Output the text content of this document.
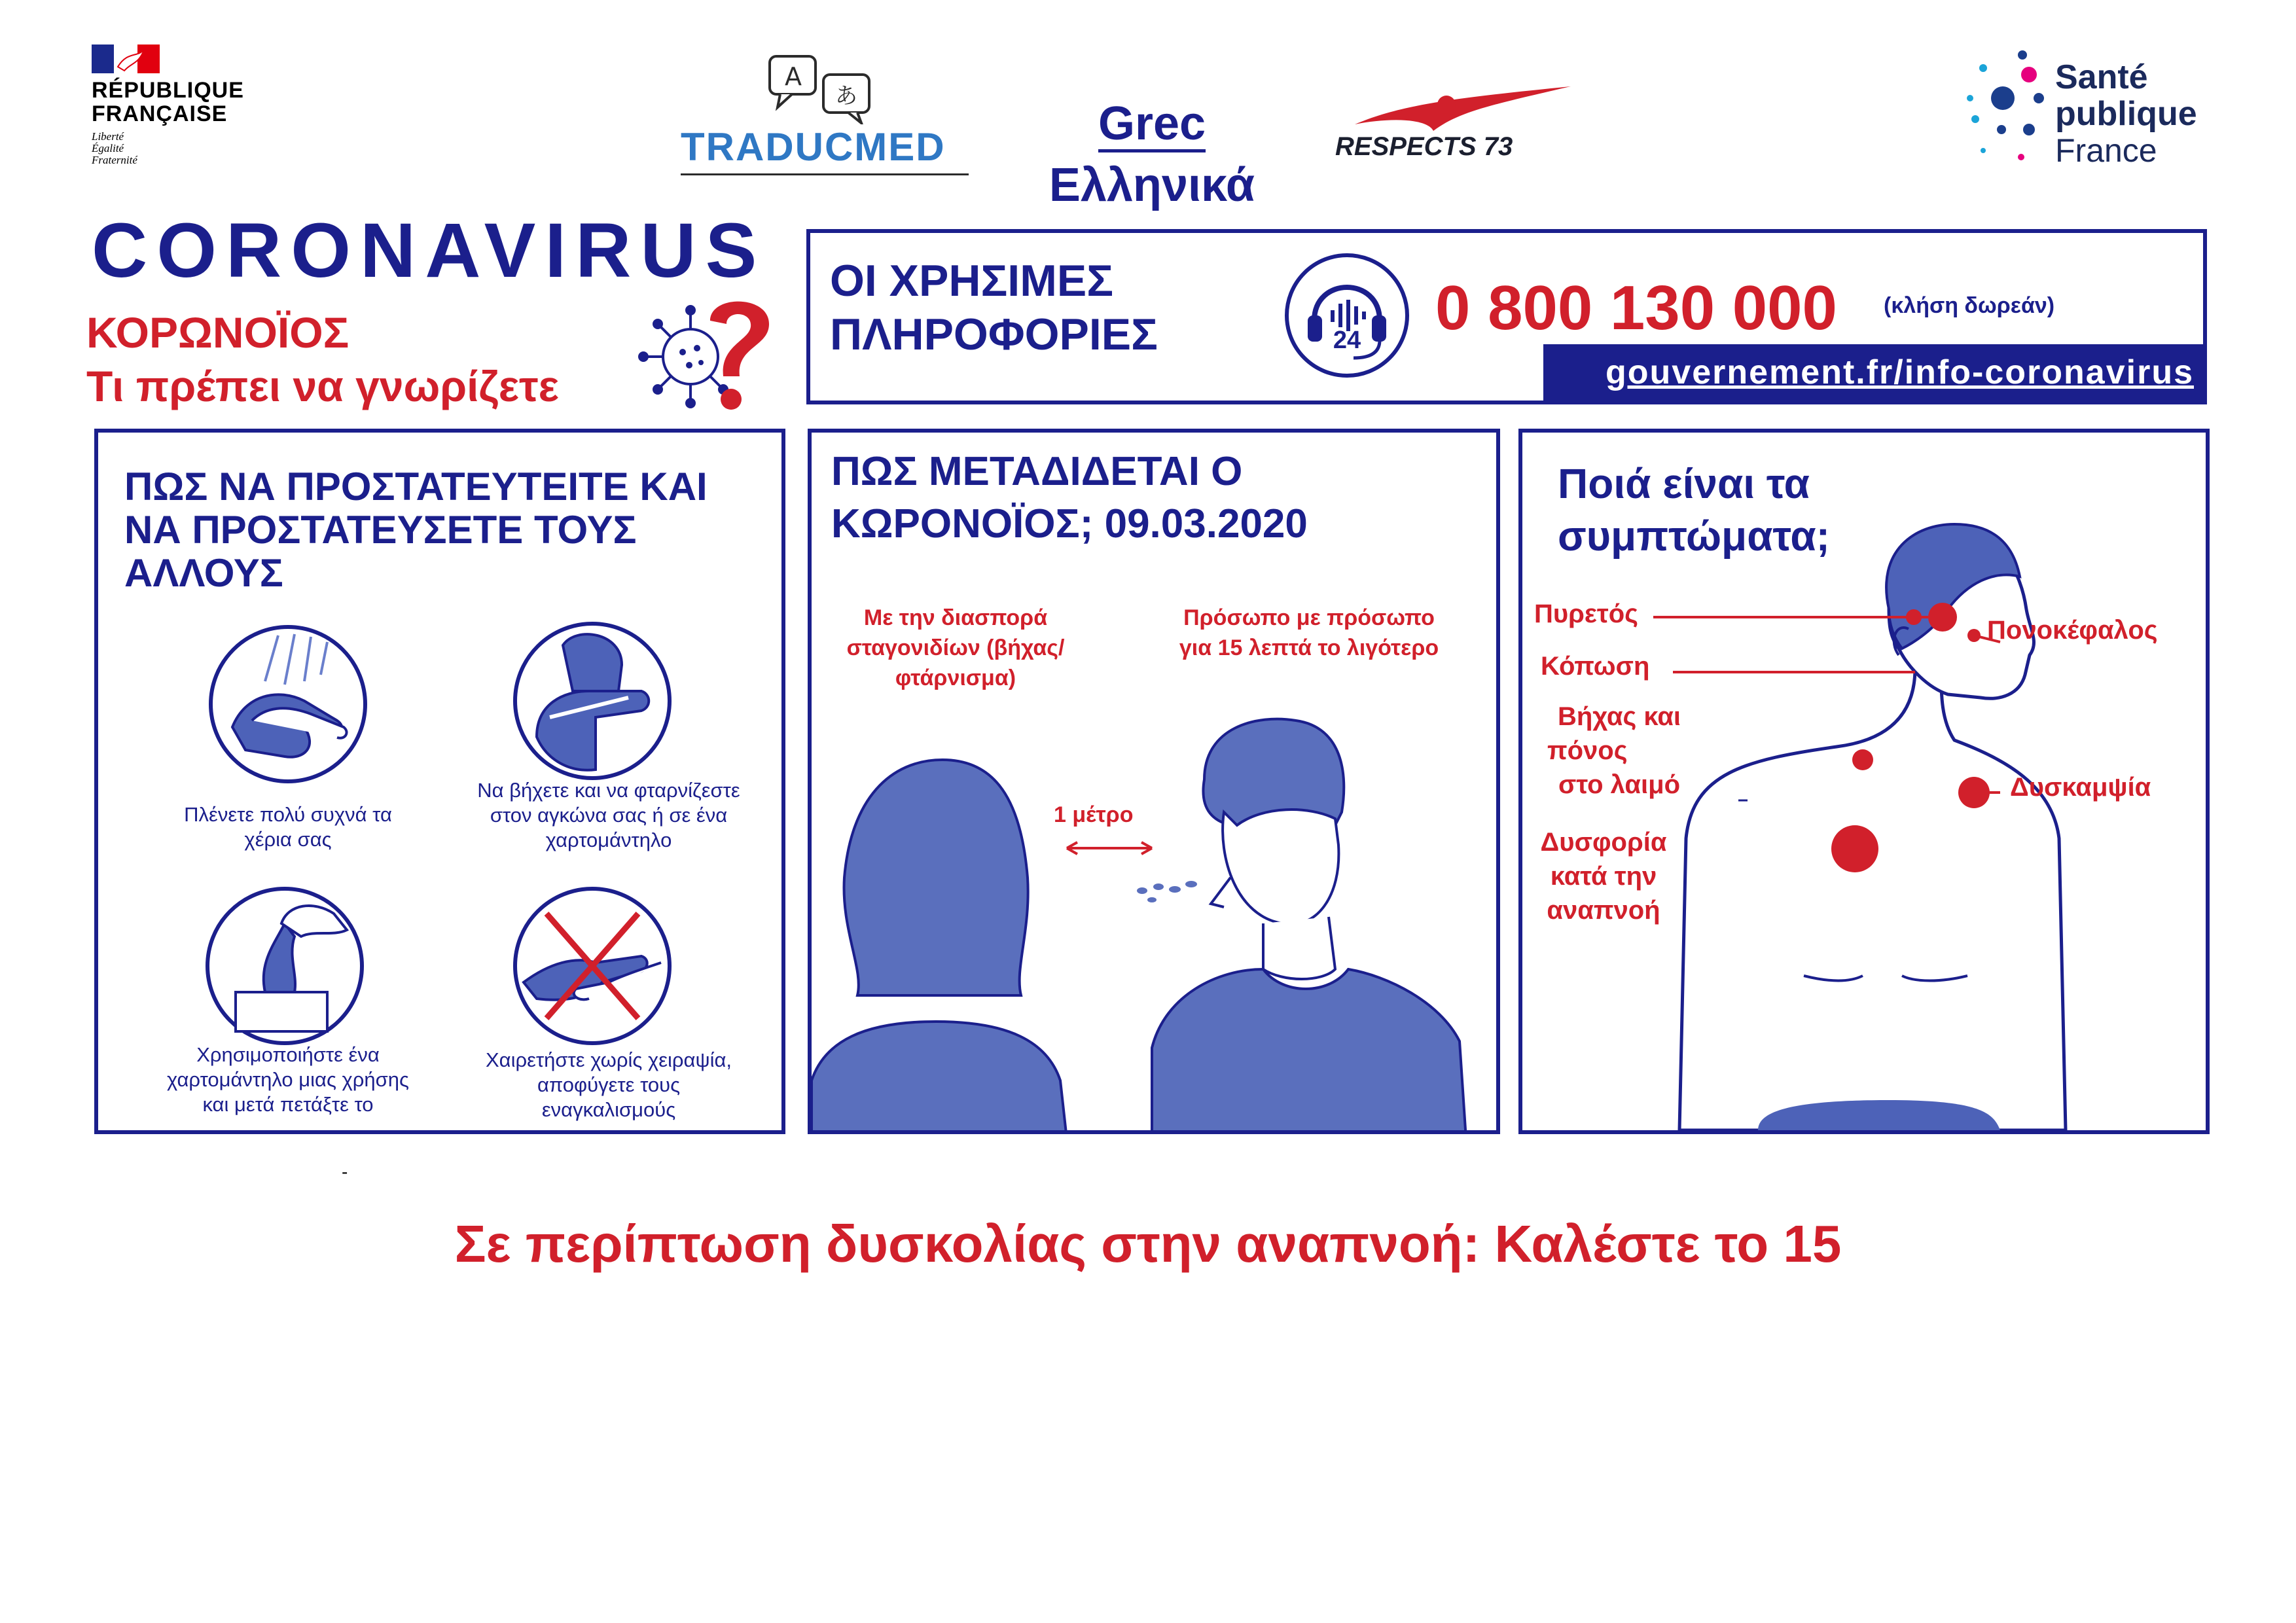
RÉPUBLIQUE
FRANÇAISE
Liberté
Égalité
Fraternité
A
あ
TRADUCMED	Grec
Ελληνικά
RESPECTS 73
Santé
publique
France
CORONAVIRUS
ΚΟΡΩΝΟΪΟΣ
Τι πρέπει να γνωρίζετε
ΟΙ ΧΡΗΣΙΜΕΣ
ΠΛΗΡΟΦΟΡΙΕΣ	24 0 800 130 000 (κλήση δωρεάν)
gouvernement.fr/info-coronavirus
ΠΩΣ ΝΑ ΠΡΟΣΤΑΤΕΥΤΕΙΤΕ ΚΑΙ
ΝΑ ΠΡΟΣΤΑΤΕΥΣΕΤΕ ΤΟΥΣ
ΑΛΛΟΥΣ
Πλένετε πολύ συχνά τα
χέρια σας
Να βήχετε και να φταρνίζεστε
στον αγκώνα σας ή σε ένα
χαρτομάντηλο
Χρησιμοποιήστε ένα
χαρτομάντηλο μιας χρήσης
και μετά πετάξτε το
Χαιρετήστε χωρίς χειραψία,
αποφύγετε τους
εναγκαλισμούς
ΠΩΣ ΜΕΤΑΔΙΔΕΤΑΙ Ο
ΚΩΡΟΝΟΪΟΣ; 09.03.2020
Με την διασπορά
σταγονιδίων (βήχας/
φτάρνισμα)
Πρόσωπο με πρόσωπο
για 15 λεπτά το λιγότερο
1 μέτρο
Ποιά είναι τα
συμπτώματα;
Πυρετός
Κόπωση
Βήχας και
πόνος
στο λαιμό
Δυσφορία
κατά την
αναπνοή
Πονοκέφαλος
Δυσκαμψία
-
Σε περίπτωση δυσκολίας στην αναπνοή: Καλέστε το 15
